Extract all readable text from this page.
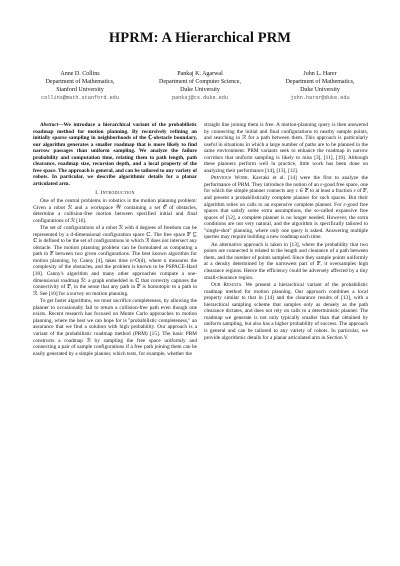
HPRM: A Hierarchical PRM
Anne D. Collins
Department of Mathematics,
Stanford University
collins@math.stanford.edu
Pankaj K. Agarwal
Department of Computer Science,
Duke University
pankaj@cs.duke.edu
John L. Harer
Department of Mathematics,
Duke University
john.harer@duke.edu

Abstract—We introduce a hierarchical variant of the probabilistic roadmap method for motion planning. By recursively refining an initially sparse sampling in neighborhoods of the ℂ-obstacle boundary, our algorithm generates a smaller roadmap that is more likely to find narrow passages than uniform sampling. We analyze the failure probability and computation time, relating them to path length, path clearance, roadmap size, recursion depth, and a local property of the free space. The approach is general, and can be tailored to any variety of robots. In particular, we describe algorithmic details for a planar articulated arm.

I. Introduction

One of the central problems in robotics is the motion planning problem: Given a robot ℛ and a workspace 𝒲 containing a set 𝒪 of obstacles, determine a collision-free motion between specified initial and final configurations of ℛ [16].

The set of configurations of a robot ℛ with d degrees of freedom can be represented by a d-dimensional configuration space ℂ. The free space 𝔽 ⊆ ℂ is defined to be the set of configurations in which ℛ does not intersect any obstacle. The motion planning problem can be formulated as computing a path in 𝔽 between two given configurations. The best known algorithm for motion planning, by Canny [4], takes time n^O(d), where n measures the complexity of the obstacles, and the problem is known to be PSPACE-Hard [18]. Canny's algorithm and many other approaches compute a one-dimensional roadmap ℛ: a graph embedded in ℂ that correctly captures the connectivity of 𝔽, in the sense that any path in 𝔽 is homotopic to a path in ℛ. See [10] for a survey on motion planning.

To get faster algorithms, we must sacrifice completeness, by allowing the planner to occasionally fail to return a collision-free path even though one exists. Recent research has focused on Monte Carlo approaches to motion planning, where the best we can hope for is "probabilistic completeness," an assurance that we find a solution with high probability. Our approach is a variant of the probabilistic roadmap method (PRM) [15]. The basic PRM constructs a roadmap ℛ by sampling the free space uniformly and connecting a pair of sample configurations if a free path joining them can be easily generated by a simple planner, which tests, for example, whether the

straight line joining them is free. A motion-planning query is then answered by connecting the initial and final configurations to nearby sample points, and searching in ℛ for a path between them. This approach is particularly useful in situations in which a large number of paths are to be planned in the same environment. PRM variants seek to enhance the roadmap in narrow corridors that uniform sampling is likely to miss [3], [11], [19]. Although these planners perform well in practice, little work has been done on analyzing their performance [14], [13], [12].

Previous Work. Kavraki et al. [14] were the first to analyze the performance of PRM. They introduce the notion of an ε-good free space, one for which the simple planner connects any c ∈ 𝔽 to at least a fraction ε of 𝔽, and present a probabilistically complete planner for such spaces. But their algorithm relies on calls to an expensive complete planner. For ε-good free spaces that satisfy some extra assumptions, the so-called expansive free spaces of [12], a complete planner is no longer needed. However, the extra conditions are not very natural, and the algorithm is specifically tailored to "single-shot" planning, where only one query is asked. Answering multiple queries may require building a new roadmap each time.

An alternative approach is taken in [13], where the probability that two points are connected is related to the length and clearance of a path between them, and the number of points sampled. Since they sample points uniformly at a density determined by the narrowest part of 𝔽, it oversamples high clearance regions. Hence the efficiency could be adversely affected by a tiny small-clearance region.

Our Results. We present a hierarchical variant of the probabilistic roadmap method for motion planning. Our approach combines a local property similar to that in [14] and the clearance results of [13], with a hierarchical sampling scheme that samples only as densely as the path clearance dictates, and does not rely on calls to a deterministic planner. The roadmap we generate is not only typically smaller than that obtained by uniform sampling, but also has a higher probability of success. The approach is general and can be tailored to any variety of robots. In particular, we provide algorithmic details for a planar articulated arm in Section V.
